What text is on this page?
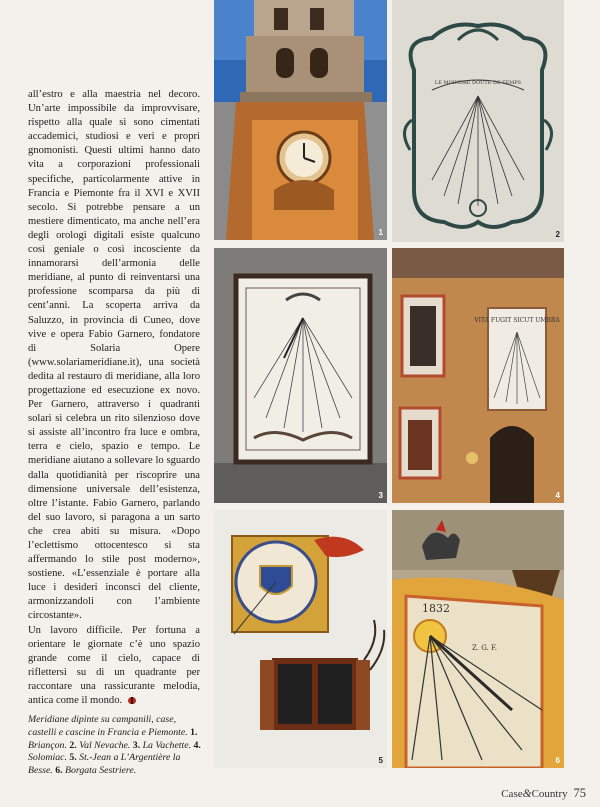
all’estro e alla maestria nel decoro. Un’arte impossibile da improvvisare, rispetto alla quale si sono cimentati accademici, studiosi e veri e propri gnomonisti. Questi ultimi hanno dato vita a corporazioni professionali specifiche, particolarmente attive in Francia e Piemonte fra il XVI e XVII secolo. Si potrebbe pensare a un mestiere dimenticato, ma anche nell’era degli orologi digitali esiste qualcuno così geniale o così incosciente da innamorarsi dell’armonia delle meridiane, al punto di reinventarsi una professione scomparsa da più di cent’anni. La scoperta arriva da Saluzzo, in provincia di Cuneo, dove vive e opera Fabio Garnero, fondatore di Solaria Opere (www.solariameridiane.it), una società dedita al restauro di meridiane, alla loro progettazione ed esecuzione ex novo. Per Garnero, attraverso i quadranti solari si celebra un rito silenzioso dove si assiste all’incontro fra luce e ombra, terra e cielo, spazio e tempo. Le meridiane aiutano a sollevare lo sguardo dalla quotidianità per riscoprire una dimensione universale dell’esistenza, oltre l’istante. Fabio Garnero, parlando del suo lavoro, si paragona a un sarto che crea abiti su misura. «Dopo l’eclettismo ottocentesco si sta affermando lo stile post moderno», sostiene. «L’essenziale è portare alla luce i desideri inconsci del cliente, armonizzandoli con l’ambiente circostante».

Un lavoro difficile. Per fortuna a orientare le giornate c’è uno spazio grande come il cielo, capace di riflettersi su di un quadrante per raccontare una rassicurante melodia, antica come il mondo.

Meridiane dipinte su campanili, case, castelli e cascine in Francia e Piemonte. 1. Briançon. 2. Val Nevache. 3. La Vachette. 4. Solomiac. 5. St.-Jean a L’Argentière la Besse. 6. Borgata Sestriere.
1
LE MOINDRE DOUTE DE TEMPS
2
3
VITA FUGIT SICUT UMBRA
4
5
1832
Z. G. F.
6
Case&Country 75
